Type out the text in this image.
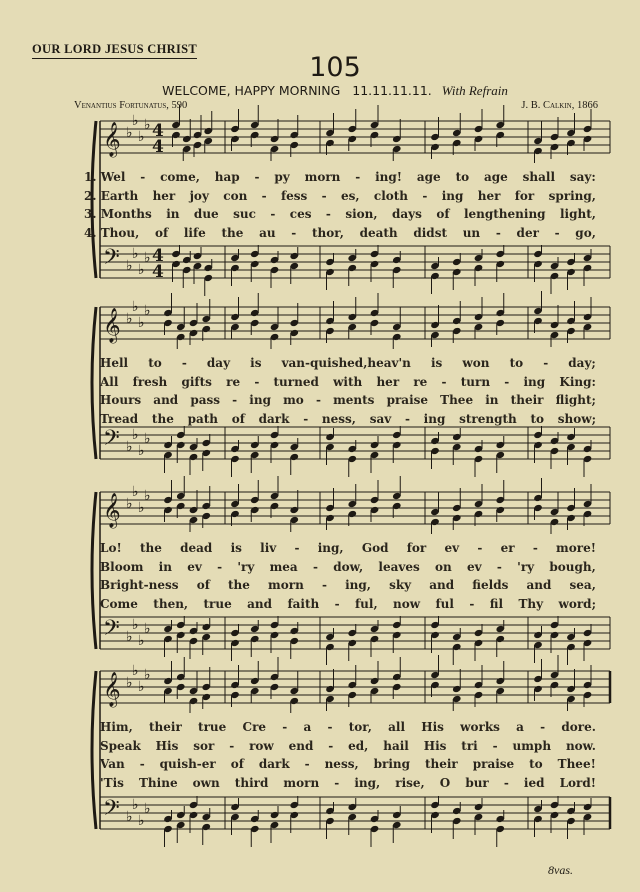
OUR LORD JESUS CHRIST
105
WELCOME, HAPPY MORNING 11.11.11.11. With Refrain
Venantius Fortunatus, 590	J. B. Calkin, 1866
𝄞 ♭
♭
♭
♭ 4
4
𝄢 ♭
♭
♭
♭ 4
4
𝄞 ♭
♭
♭
♭
𝄢 ♭
♭
♭
♭
𝄞 ♭
♭
♭
♭
𝄢 ♭
♭
♭
♭
𝄞 ♭
♭
♭
♭
𝄢 ♭
♭
♭
♭
1. Wel - come, hap - py morn - ing! age to age shall say:
2. Earth her joy con - fess - es, cloth - ing her for spring,
3. Months in due suc - ces - sion, days of lengthening light,
4. Thou, of life the au - thor, death didst un - der - go,
Hell to - day is van-quished,heav'n is won to - day;
All fresh gifts re - turned with her re - turn - ing King:
Hours and pass - ing mo - ments praise Thee in their flight;
Tread the path of dark - ness, sav - ing strength to show;
Lo! the dead is liv - ing, God for ev - er - more!
Bloom in ev - 'ry mea - dow, leaves on ev - 'ry bough,
Bright-ness of the morn - ing, sky and fields and sea,
Come then, true and faith - ful, now ful - fil Thy word;
Him, their true Cre - a - tor, all His works a - dore.
Speak His sor - row end - ed, hail His tri - umph now.
Van - quish-er of dark - ness, bring their praise to Thee!
'Tis Thine own third morn - ing, rise, O bur - ied Lord!
8vas.
